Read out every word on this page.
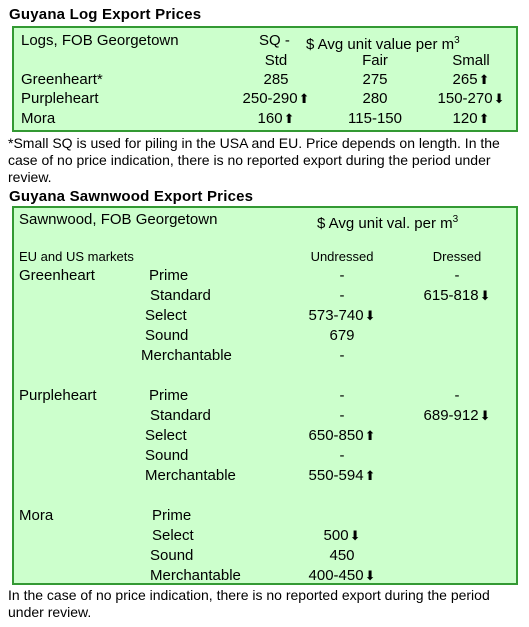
Guyana Log Export Prices
Logs, FOB Georgetown	SQ - $ Avg unit value per $m^3$
Std	Fair	Small
Greenheart*	285	275	265⬆
Purpleheart	250-290⬆	280	150-270⬇
Mora	160⬆	115-150	120⬆
*Small SQ is used for piling in the USA and EU. Price depends on length. In the case of no price indication, there is no reported export during the period under review.
Guyana Sawnwood Export Prices
Sawnwood, FOB Georgetown	$ Avg unit val. per $m^3$
EU and US markets	Undressed	Dressed
Greenheart	Prime	-	-
Standard	-	615-818⬇
Select	573-740⬇
Sound	679
Merchantable	-
Purpleheart	Prime	-	-
Standard	-	689-912⬇
Select	650-850⬆
Sound	-
Merchantable	550-594⬆
Mora	Prime
Select	500⬇
Sound	450
Merchantable	400-450⬇
In the case of no price indication, there is no reported export during the period under review.
